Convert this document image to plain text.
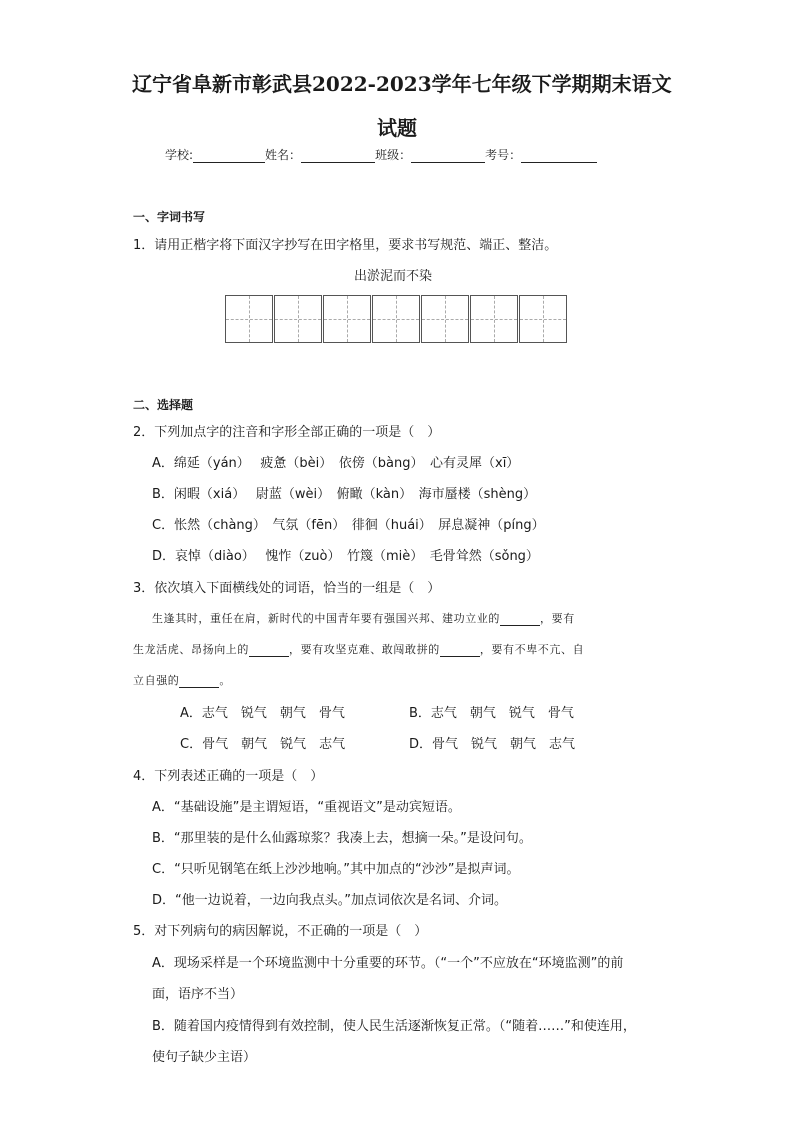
辽宁省阜新市彰武县2022-2023学年七年级下学期期末语文
试题
学校:	姓名：	班级：	考号：
一、字词书写
1．请用正楷字将下面汉字抄写在田字格里，要求书写规范、端正、整洁。
出淤泥而不染
二、选择题
2．下列加点字的注音和字形全部正确的一项是（　）
A．绵延（yán）　 疲惫（bèi）　依傍（bàng）　心有灵犀（xī）
B．闲暇（xiá）　 尉蓝（wèi）　俯瞰（kàn）　海市蜃楼（shèng）
C．怅然（chàng）　气氛（fēn）　徘徊（huái）　屏息凝神（píng）
D．哀悼（diào）　 愧怍（zuò）　竹篾（miè）　毛骨耸然（sǒng）
3．依次填入下面横线处的词语，恰当的一组是（　）
生逢其时，重任在肩，新时代的中国青年要有强国兴邦、建功立业的	，要有
生龙活虎、昂扬向上的	，要有攻坚克难、敢闯敢拼的	，要有不卑不亢、自
立自强的	。
A．志气　锐气　朝气　骨气	B．志气　朝气　锐气　骨气
C．骨气　朝气　锐气　志气	D．骨气　锐气　朝气　志气
4．下列表述正确的一项是（　）
A．“基础设施”是主谓短语，“重视语文”是动宾短语。
B．“那里装的是什么仙露琼浆？我凑上去，想摘一朵。”是设问句。
C．“只听见钢笔在纸上沙沙地响。”其中加点的“沙沙”是拟声词。
D．“他一边说着，一边向我点头。”加点词依次是名词、介词。
5．对下列病句的病因解说，不正确的一项是（　）
A．现场采样是一个环境监测中十分重要的环节。（“一个”不应放在“环境监测”的前
面，语序不当）
B．随着国内疫情得到有效控制，使人民生活逐渐恢复正常。（“随着……”和使连用，
使句子缺少主语）
